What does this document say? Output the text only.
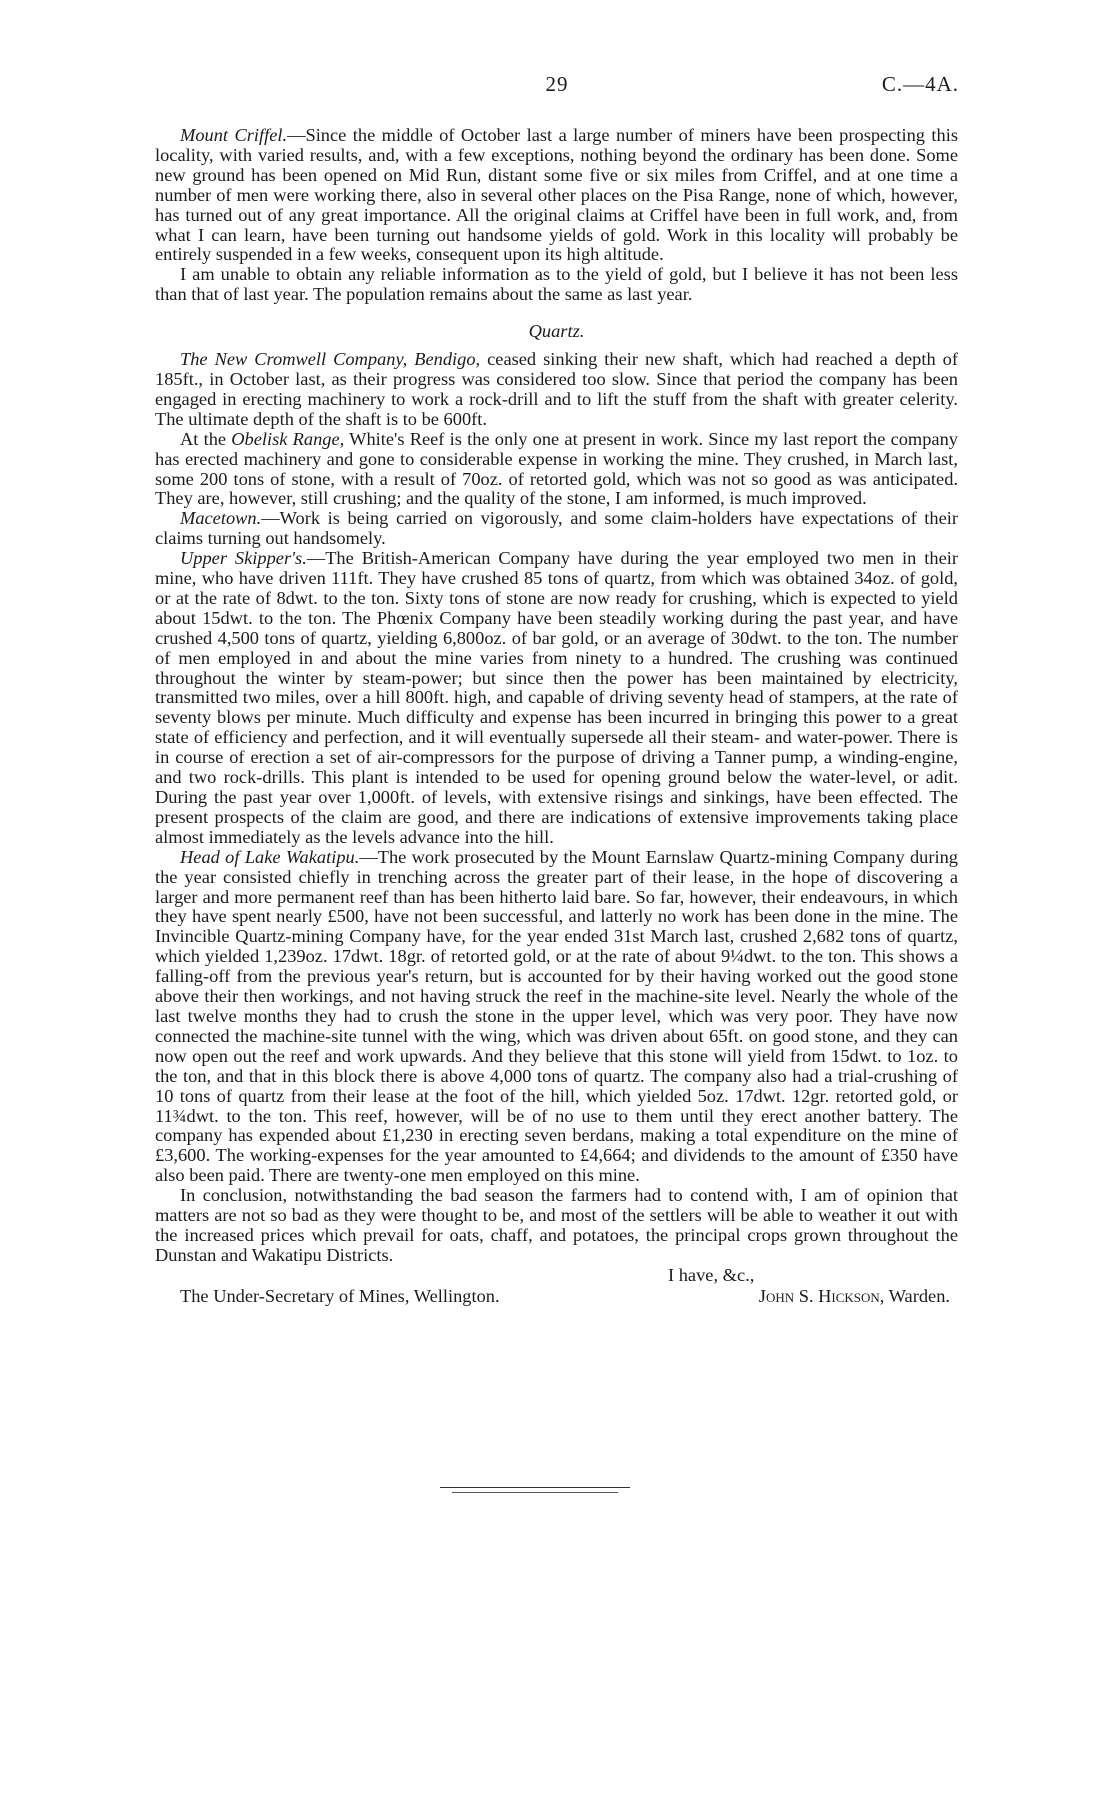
29	C.—4A.

Mount Criffel.—Since the middle of October last a large number of miners have been prospecting this locality, with varied results, and, with a few exceptions, nothing beyond the ordinary has been done. Some new ground has been opened on Mid Run, distant some five or six miles from Criffel, and at one time a number of men were working there, also in several other places on the Pisa Range, none of which, however, has turned out of any great importance. All the original claims at Criffel have been in full work, and, from what I can learn, have been turning out handsome yields of gold. Work in this locality will probably be entirely suspended in a few weeks, consequent upon its high altitude.

I am unable to obtain any reliable information as to the yield of gold, but I believe it has not been less than that of last year. The population remains about the same as last year.

Quartz.

The New Cromwell Company, Bendigo, ceased sinking their new shaft, which had reached a depth of 185ft., in October last, as their progress was considered too slow. Since that period the company has been engaged in erecting machinery to work a rock-drill and to lift the stuff from the shaft with greater celerity. The ultimate depth of the shaft is to be 600ft.

At the Obelisk Range, White's Reef is the only one at present in work. Since my last report the company has erected machinery and gone to considerable expense in working the mine. They crushed, in March last, some 200 tons of stone, with a result of 70oz. of retorted gold, which was not so good as was anticipated. They are, however, still crushing; and the quality of the stone, I am informed, is much improved.

Macetown.—Work is being carried on vigorously, and some claim-holders have expectations of their claims turning out handsomely.

Upper Skipper's.—The British-American Company have during the year employed two men in their mine, who have driven 111ft. They have crushed 85 tons of quartz, from which was obtained 34oz. of gold, or at the rate of 8dwt. to the ton. Sixty tons of stone are now ready for crushing, which is expected to yield about 15dwt. to the ton. The Phœnix Company have been steadily working during the past year, and have crushed 4,500 tons of quartz, yielding 6,800oz. of bar gold, or an average of 30dwt. to the ton. The number of men employed in and about the mine varies from ninety to a hundred. The crushing was continued throughout the winter by steam-power; but since then the power has been maintained by electricity, transmitted two miles, over a hill 800ft. high, and capable of driving seventy head of stampers, at the rate of seventy blows per minute. Much difficulty and expense has been incurred in bringing this power to a great state of efficiency and perfection, and it will eventually supersede all their steam- and water-power. There is in course of erection a set of air-compressors for the purpose of driving a Tanner pump, a winding-engine, and two rock-drills. This plant is intended to be used for opening ground below the water-level, or adit. During the past year over 1,000ft. of levels, with extensive risings and sinkings, have been effected. The present prospects of the claim are good, and there are indications of extensive improvements taking place almost immediately as the levels advance into the hill.

Head of Lake Wakatipu.—The work prosecuted by the Mount Earnslaw Quartz-mining Company during the year consisted chiefly in trenching across the greater part of their lease, in the hope of discovering a larger and more permanent reef than has been hitherto laid bare. So far, however, their endeavours, in which they have spent nearly £500, have not been successful, and latterly no work has been done in the mine. The Invincible Quartz-mining Company have, for the year ended 31st March last, crushed 2,682 tons of quartz, which yielded 1,239oz. 17dwt. 18gr. of retorted gold, or at the rate of about 9¼dwt. to the ton. This shows a falling-off from the previous year's return, but is accounted for by their having worked out the good stone above their then workings, and not having struck the reef in the machine-site level. Nearly the whole of the last twelve months they had to crush the stone in the upper level, which was very poor. They have now connected the machine-site tunnel with the wing, which was driven about 65ft. on good stone, and they can now open out the reef and work upwards. And they believe that this stone will yield from 15dwt. to 1oz. to the ton, and that in this block there is above 4,000 tons of quartz. The company also had a trial-crushing of 10 tons of quartz from their lease at the foot of the hill, which yielded 5oz. 17dwt. 12gr. retorted gold, or 11¾dwt. to the ton. This reef, however, will be of no use to them until they erect another battery. The company has expended about £1,230 in erecting seven berdans, making a total expenditure on the mine of £3,600. The working-expenses for the year amounted to £4,664; and dividends to the amount of £350 have also been paid. There are twenty-one men employed on this mine.

In conclusion, notwithstanding the bad season the farmers had to contend with, I am of opinion that matters are not so bad as they were thought to be, and most of the settlers will be able to weather it out with the increased prices which prevail for oats, chaff, and potatoes, the principal crops grown throughout the Dunstan and Wakatipu Districts.

I have, &c.,

The Under-Secretary of Mines, Wellington.	John S. Hickson, Warden.
